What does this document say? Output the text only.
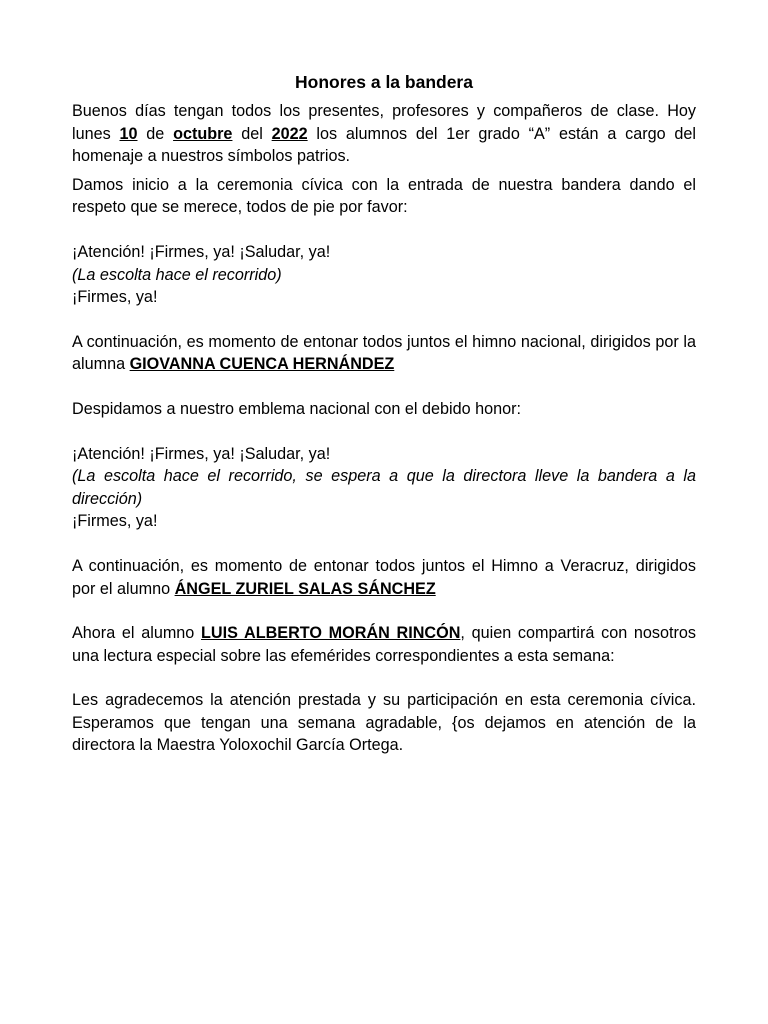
Honores a la bandera

Buenos días tengan todos los presentes, profesores y compañeros de clase. Hoy lunes 10 de octubre del 2022 los alumnos del 1er grado “A” están a cargo del homenaje a nuestros símbolos patrios.

Damos inicio a la ceremonia cívica con la entrada de nuestra bandera dando el respeto que se merece, todos de pie por favor:

¡Atención! ¡Firmes, ya! ¡Saludar, ya!
(La escolta hace el recorrido)
¡Firmes, ya!

A continuación, es momento de entonar todos juntos el himno nacional, dirigidos por la alumna GIOVANNA CUENCA HERNÁNDEZ

Despidamos a nuestro emblema nacional con el debido honor:

¡Atención! ¡Firmes, ya! ¡Saludar, ya!

(La escolta hace el recorrido, se espera a que la directora lleve la bandera a la dirección)

¡Firmes, ya!

A continuación, es momento de entonar todos juntos el Himno a Veracruz, dirigidos por el alumno ÁNGEL ZURIEL SALAS SÁNCHEZ

Ahora el alumno LUIS ALBERTO MORÁN RINCÓN, quien compartirá con nosotros una lectura especial sobre las efemérides correspondientes a esta semana:

Les agradecemos la atención prestada y su participación en esta ceremonia cívica. Esperamos que tengan una semana agradable, {os dejamos en atención de la directora la Maestra Yoloxochil García Ortega.
